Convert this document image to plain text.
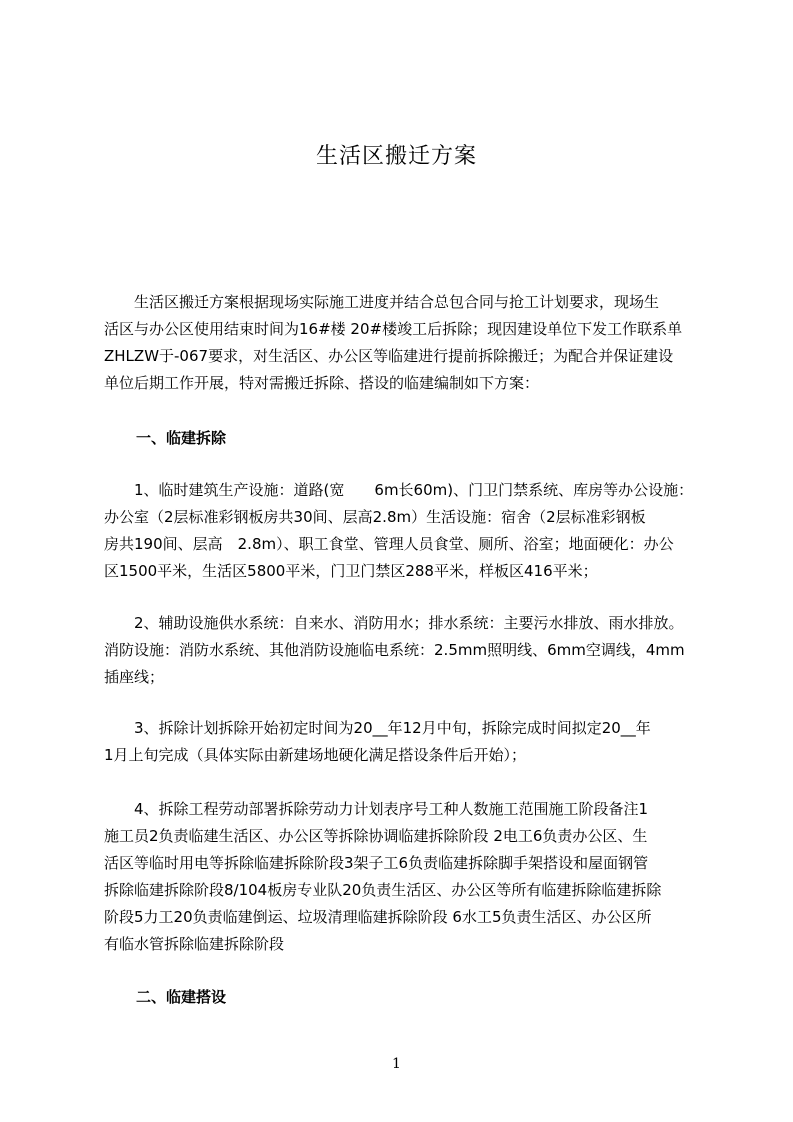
生活区搬迁方案

　　生活区搬迁方案根据现场实际施工进度并结合总包合同与抢工计划要求，现场生

活区与办公区使用结束时间为16#楼 20#楼竣工后拆除；现因建设单位下发工作联系单

ZHLZW于-067要求，对生活区、办公区等临建进行提前拆除搬迁；为配合并保证建设

单位后期工作开展，特对需搬迁拆除、搭设的临建编制如下方案：

一、临建拆除

　　1、临时建筑生产设施：道路(宽　　6m长60m)、门卫门禁系统、库房等办公设施：

办公室（2层标准彩钢板房共30间、层高2.8m）生活设施：宿舍（2层标准彩钢板

房共190间、层高　2.8m）、职工食堂、管理人员食堂、厕所、浴室；地面硬化：办公

区1500平米，生活区5800平米，门卫门禁区288平米，样板区416平米；

　　2、辅助设施供水系统：自来水、消防用水；排水系统：主要污水排放、雨水排放。

消防设施：消防水系统、其他消防设施临电系统：2.5mm照明线、6mm空调线，4mm

插座线；

　　3、拆除计划拆除开始初定时间为20__年12月中旬，拆除完成时间拟定20__年

1月上旬完成（具体实际由新建场地硬化满足搭设条件后开始）；

　　4、拆除工程劳动部署拆除劳动力计划表序号工种人数施工范围施工阶段备注1

施工员2负责临建生活区、办公区等拆除协调临建拆除阶段 2电工6负责办公区、生

活区等临时用电等拆除临建拆除阶段3架子工6负责临建拆除脚手架搭设和屋面钢管

拆除临建拆除阶段8/104板房专业队20负责生活区、办公区等所有临建拆除临建拆除

阶段5力工20负责临建倒运、垃圾清理临建拆除阶段 6水工5负责生活区、办公区所

有临水管拆除临建拆除阶段

二、临建搭设
1
